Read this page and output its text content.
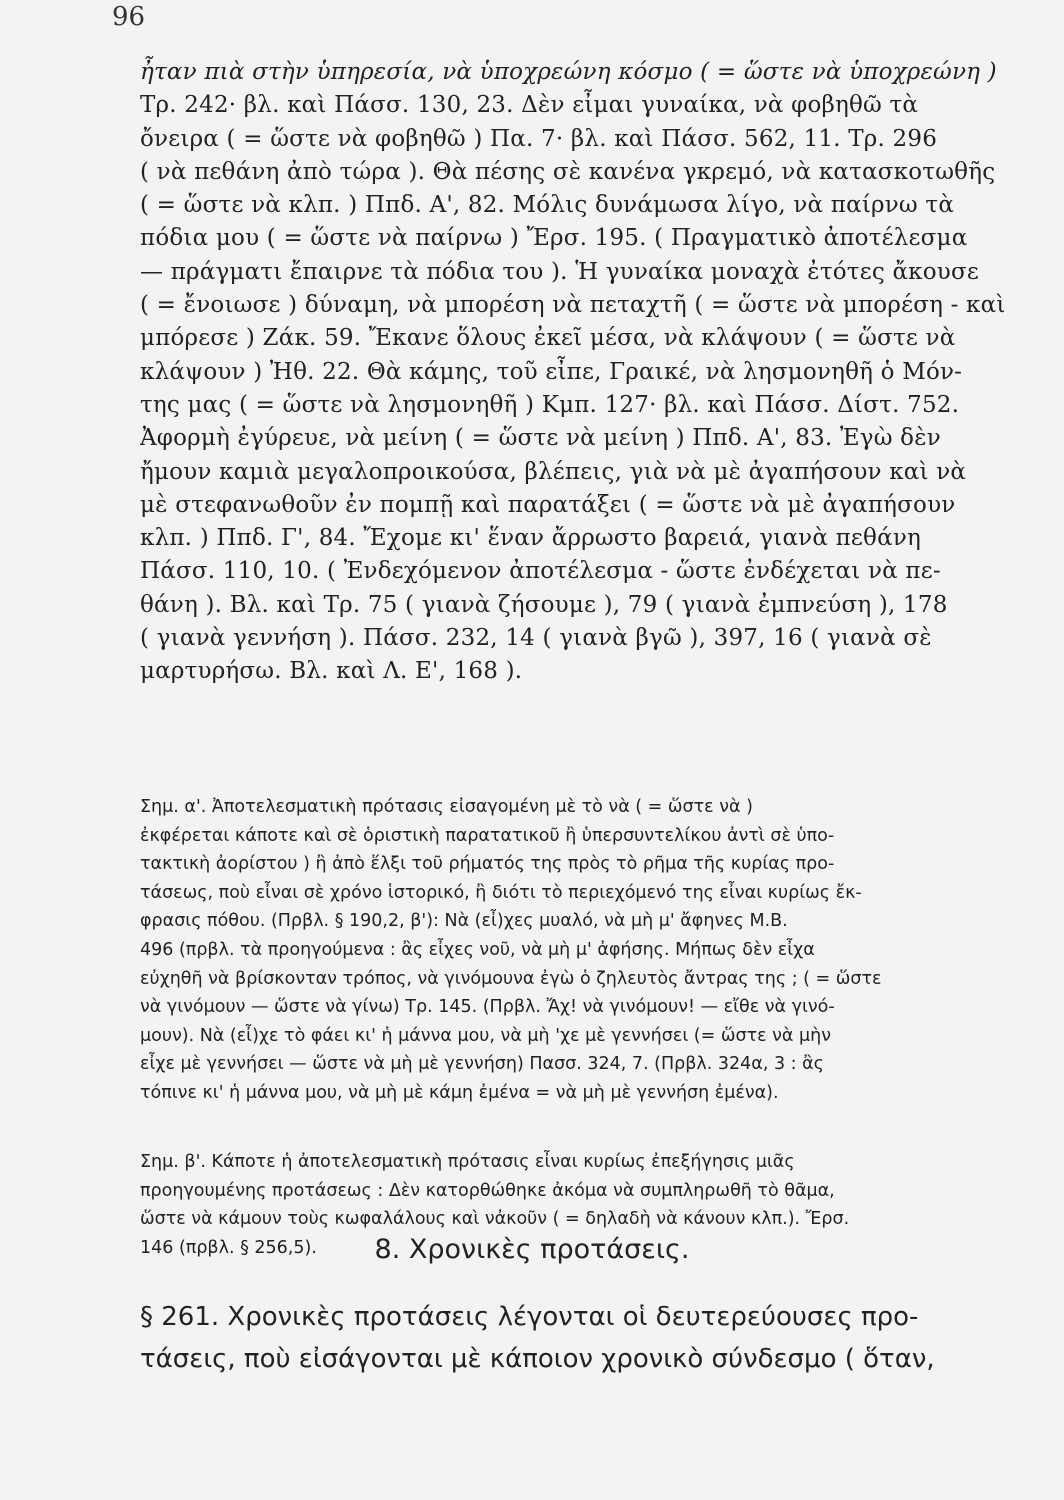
96
ἦταν πιὰ στὴν ὑπηρεσία, νὰ ὑποχρεώνη κόσμο ( = ὥστε νὰ ὑποχρεώνη )
Τρ. 242· βλ. καὶ Πάσσ. 130, 23. Δὲν εἶμαι γυναίκα, νὰ φοβηθῶ τὰ
ὄνειρα ( = ὥστε νὰ φοβηθῶ ) Πα. 7· βλ. καὶ Πάσσ. 562, 11. Τρ. 296
( νὰ πεθάνη ἀπὸ τώρα ). Θὰ πέσης σὲ κανένα γκρεμό, νὰ κατασκοτωθῆς
( = ὥστε νὰ κλπ. ) Ππδ. Α', 82. Μόλις δυνάμωσα λίγο, νὰ παίρνω τὰ
πόδια μου ( = ὥστε νὰ παίρνω ) Ἔρσ. 195. ( Πραγματικὸ ἀποτέλεσμα
— πράγματι ἔπαιρνε τὰ πόδια του ). Ἡ γυναίκα μοναχὰ ἐτότες ἄκουσε
( = ἔνοιωσε ) δύναμη, νὰ μπορέση νὰ πεταχτῆ ( = ὥστε νὰ μπορέση - καὶ
μπόρεσε ) Ζάκ. 59. Ἔκανε ὅλους ἐκεῖ μέσα, νὰ κλάψουν ( = ὥστε νὰ
κλάψουν ) Ἠθ. 22. Θὰ κάμης, τοῦ εἶπε, Γραικέ, νὰ λησμονηθῆ ὁ Μόν-
της μας ( = ὥστε νὰ λησμονηθῆ ) Κμπ. 127· βλ. καὶ Πάσσ. Δίστ. 752.
Ἀφορμὴ ἐγύρευε, νὰ μείνη ( = ὥστε νὰ μείνη ) Ππδ. Α', 83. Ἐγὼ δὲν
ἤμουν καμιὰ μεγαλοπροικούσα, βλέπεις, γιὰ νὰ μὲ ἀγαπήσουν καὶ νὰ
μὲ στεφανωθοῦν ἐν πομπῇ καὶ παρατάξει ( = ὥστε νὰ μὲ ἀγαπήσουν
κλπ. ) Ππδ. Γ', 84. Ἔχομε κι' ἕναν ἄρρωστο βαρειά, γιανὰ πεθάνη
Πάσσ. 110, 10. ( Ἐνδεχόμενον ἀποτέλεσμα - ὥστε ἐνδέχεται νὰ πε-
θάνη ). Βλ. καὶ Τρ. 75 ( γιανὰ ζήσουμε ), 79 ( γιανὰ ἐμπνεύση ), 178
( γιανὰ γεννήση ). Πάσσ. 232, 14 ( γιανὰ βγῶ ), 397, 16 ( γιανὰ σὲ
μαρτυρήσω. Βλ. καὶ Λ. Ε', 168 ).
Σημ. α'. Ἀποτελεσματικὴ πρότασις εἰσαγομένη μὲ τὸ νὰ ( = ὥστε νὰ )
ἐκφέρεται κάποτε καὶ σὲ ὁριστικὴ παρατατικοῦ ἢ ὑπερσυντελίκου ἀντὶ σὲ ὑπο-
τακτικὴ ἀορίστου ) ἢ ἀπὸ ἕλξι τοῦ ρήματός της πρὸς τὸ ρῆμα τῆς κυρίας προ-
τάσεως, ποὺ εἶναι σὲ χρόνο ἱστορικό, ἢ διότι τὸ περιεχόμενό της εἶναι κυρίως ἔκ-
φρασις πόθου. (Πρβλ. § 190,2, β'): Νὰ (εἶ)χες μυαλό, νὰ μὴ μ' ἄφηνες Μ.Β.
496 (πρβλ. τὰ προηγούμενα : ἂς εἶχες νοῦ, νὰ μὴ μ' ἀφήσης. Μήπως δὲν εἶχα
εὐχηθῆ νὰ βρίσκονταν τρόπος, νὰ γινόμουνα ἐγὼ ὁ ζηλευτὸς ἄντρας της ; ( = ὥστε
νὰ γινόμουν — ὥστε νὰ γίνω) Τρ. 145. (Πρβλ. Ἄχ! νὰ γινόμουν! — εἴθε νὰ γινό-
μουν). Νὰ (εἶ)χε τὸ φάει κι' ἡ μάννα μου, νὰ μὴ 'χε μὲ γεννήσει (= ὥστε νὰ μὴν
εἶχε μὲ γεννήσει — ὥστε νὰ μὴ μὲ γεννήση) Πασσ. 324, 7. (Πρβλ. 324α, 3 : ἂς
τόπινε κι' ἡ μάννα μου, νὰ μὴ μὲ κάμη ἐμένα = νὰ μὴ μὲ γεννήση ἐμένα).
Σημ. β'. Κάποτε ἡ ἀποτελεσματικὴ πρότασις εἶναι κυρίως ἐπεξήγησις μιᾶς
προηγουμένης προτάσεως : Δὲν κατορθώθηκε ἀκόμα νὰ συμπληρωθῆ τὸ θᾶμα,
ὥστε νὰ κάμουν τοὺς κωφαλάλους καὶ νἀκοῦν ( = δηλαδὴ νὰ κάνουν κλπ.). Ἔρσ.
146 (πρβλ. § 256,5).	8. Χρονικὲς προτάσεις.
§ 261. Χρονικὲς προτάσεις λέγονται οἱ δευτερεύουσες προ-
τάσεις, ποὺ εἰσάγονται μὲ κάποιον χρονικὸ σύνδεσμο ( ὅταν,
